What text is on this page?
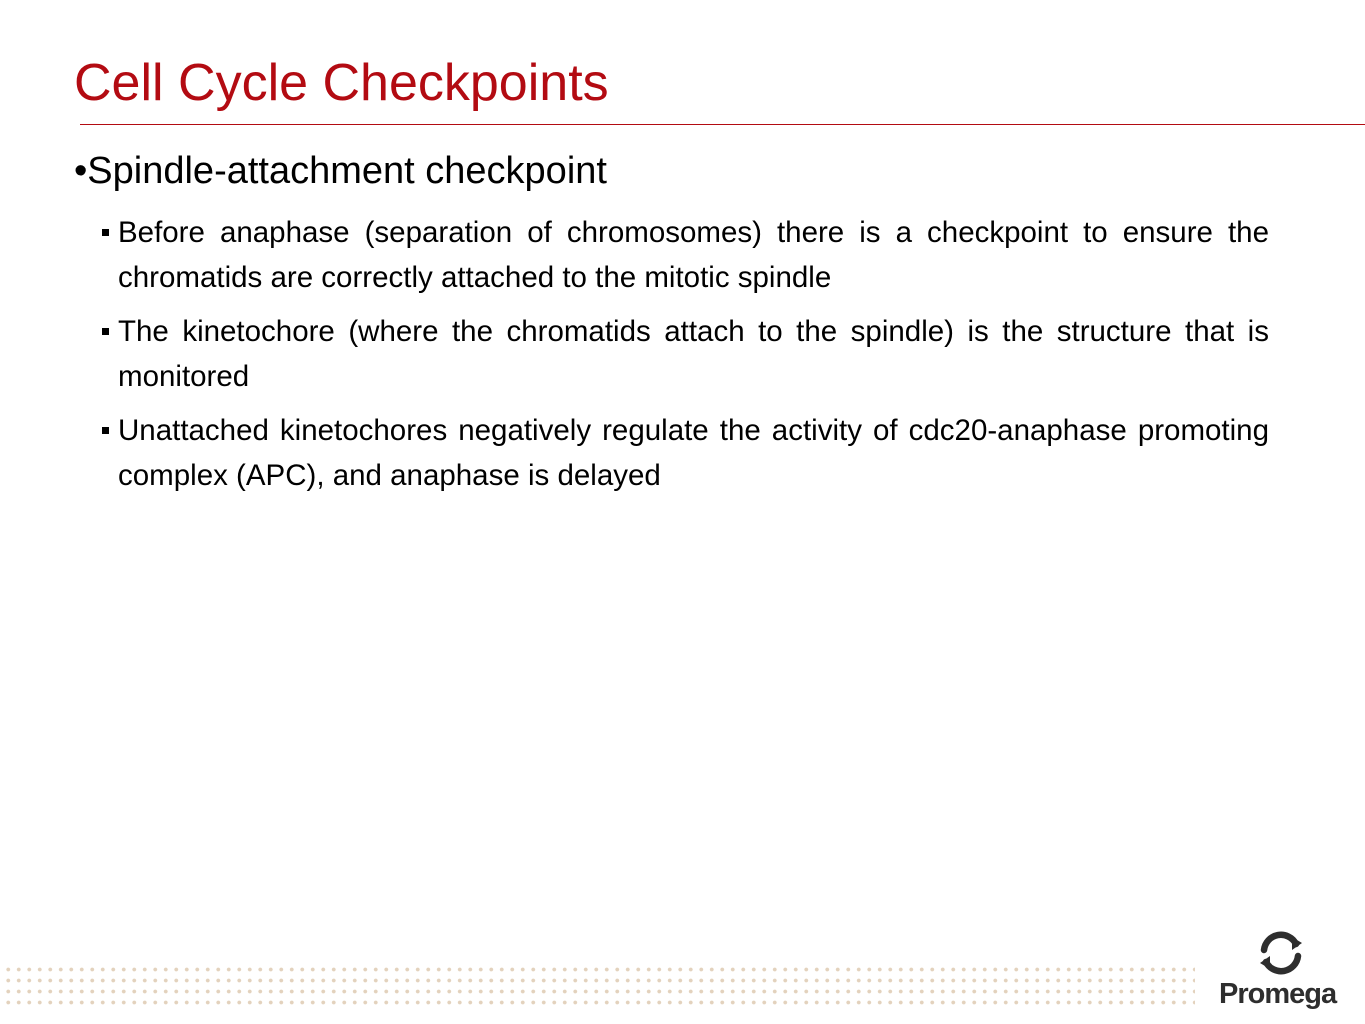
Cell Cycle Checkpoints
•Spindle-attachment checkpoint
Before anaphase (separation of chromosomes) there is a checkpoint to ensure the chromatids are correctly attached to the mitotic spindle
The kinetochore (where the chromatids attach to the spindle) is the structure that is monitored
Unattached kinetochores negatively regulate the activity of cdc20-anaphase promoting complex (APC), and anaphase is delayed
Promega
